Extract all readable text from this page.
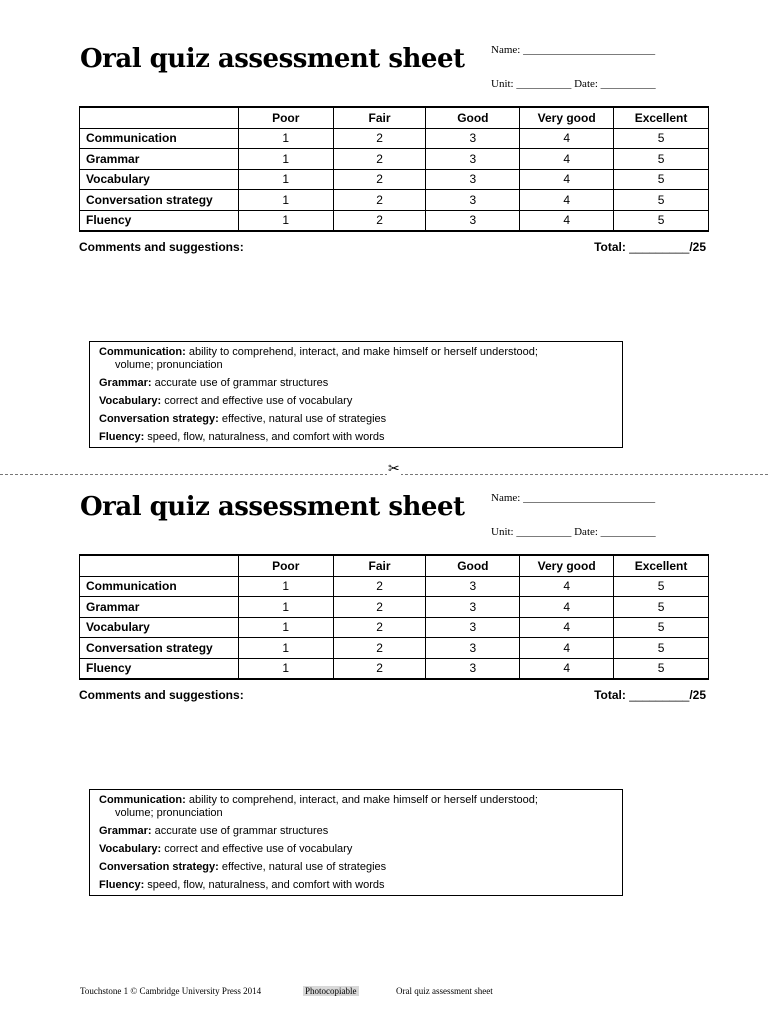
Oral quiz assessment sheet Name: ________________________
Unit: __________ Date: __________
	Poor	Fair	Good	Very good	Excellent
Communication	1	2	3	4	5
Grammar	1	2	3	4	5
Vocabulary	1	2	3	4	5
Conversation strategy	1	2	3	4	5
Fluency	1	2	3	4	5
Comments and suggestions:	Total: _________/25
Communication: ability to comprehend, interact, and make himself or herself understood;
volume; pronunciation
Grammar: accurate use of grammar structures
Vocabulary: correct and effective use of vocabulary
Conversation strategy: effective, natural use of strategies
Fluency: speed, flow, naturalness, and comfort with words
✂
Oral quiz assessment sheet Name: ________________________
Unit: __________ Date: __________
	Poor	Fair	Good	Very good	Excellent
Communication	1	2	3	4	5
Grammar	1	2	3	4	5
Vocabulary	1	2	3	4	5
Conversation strategy	1	2	3	4	5
Fluency	1	2	3	4	5
Comments and suggestions:	Total: _________/25
Communication: ability to comprehend, interact, and make himself or herself understood;
volume; pronunciation
Grammar: accurate use of grammar structures
Vocabulary: correct and effective use of vocabulary
Conversation strategy: effective, natural use of strategies
Fluency: speed, flow, naturalness, and comfort with words
Touchstone 1 © Cambridge University Press 2014	Photocopiable	Oral quiz assessment sheet
